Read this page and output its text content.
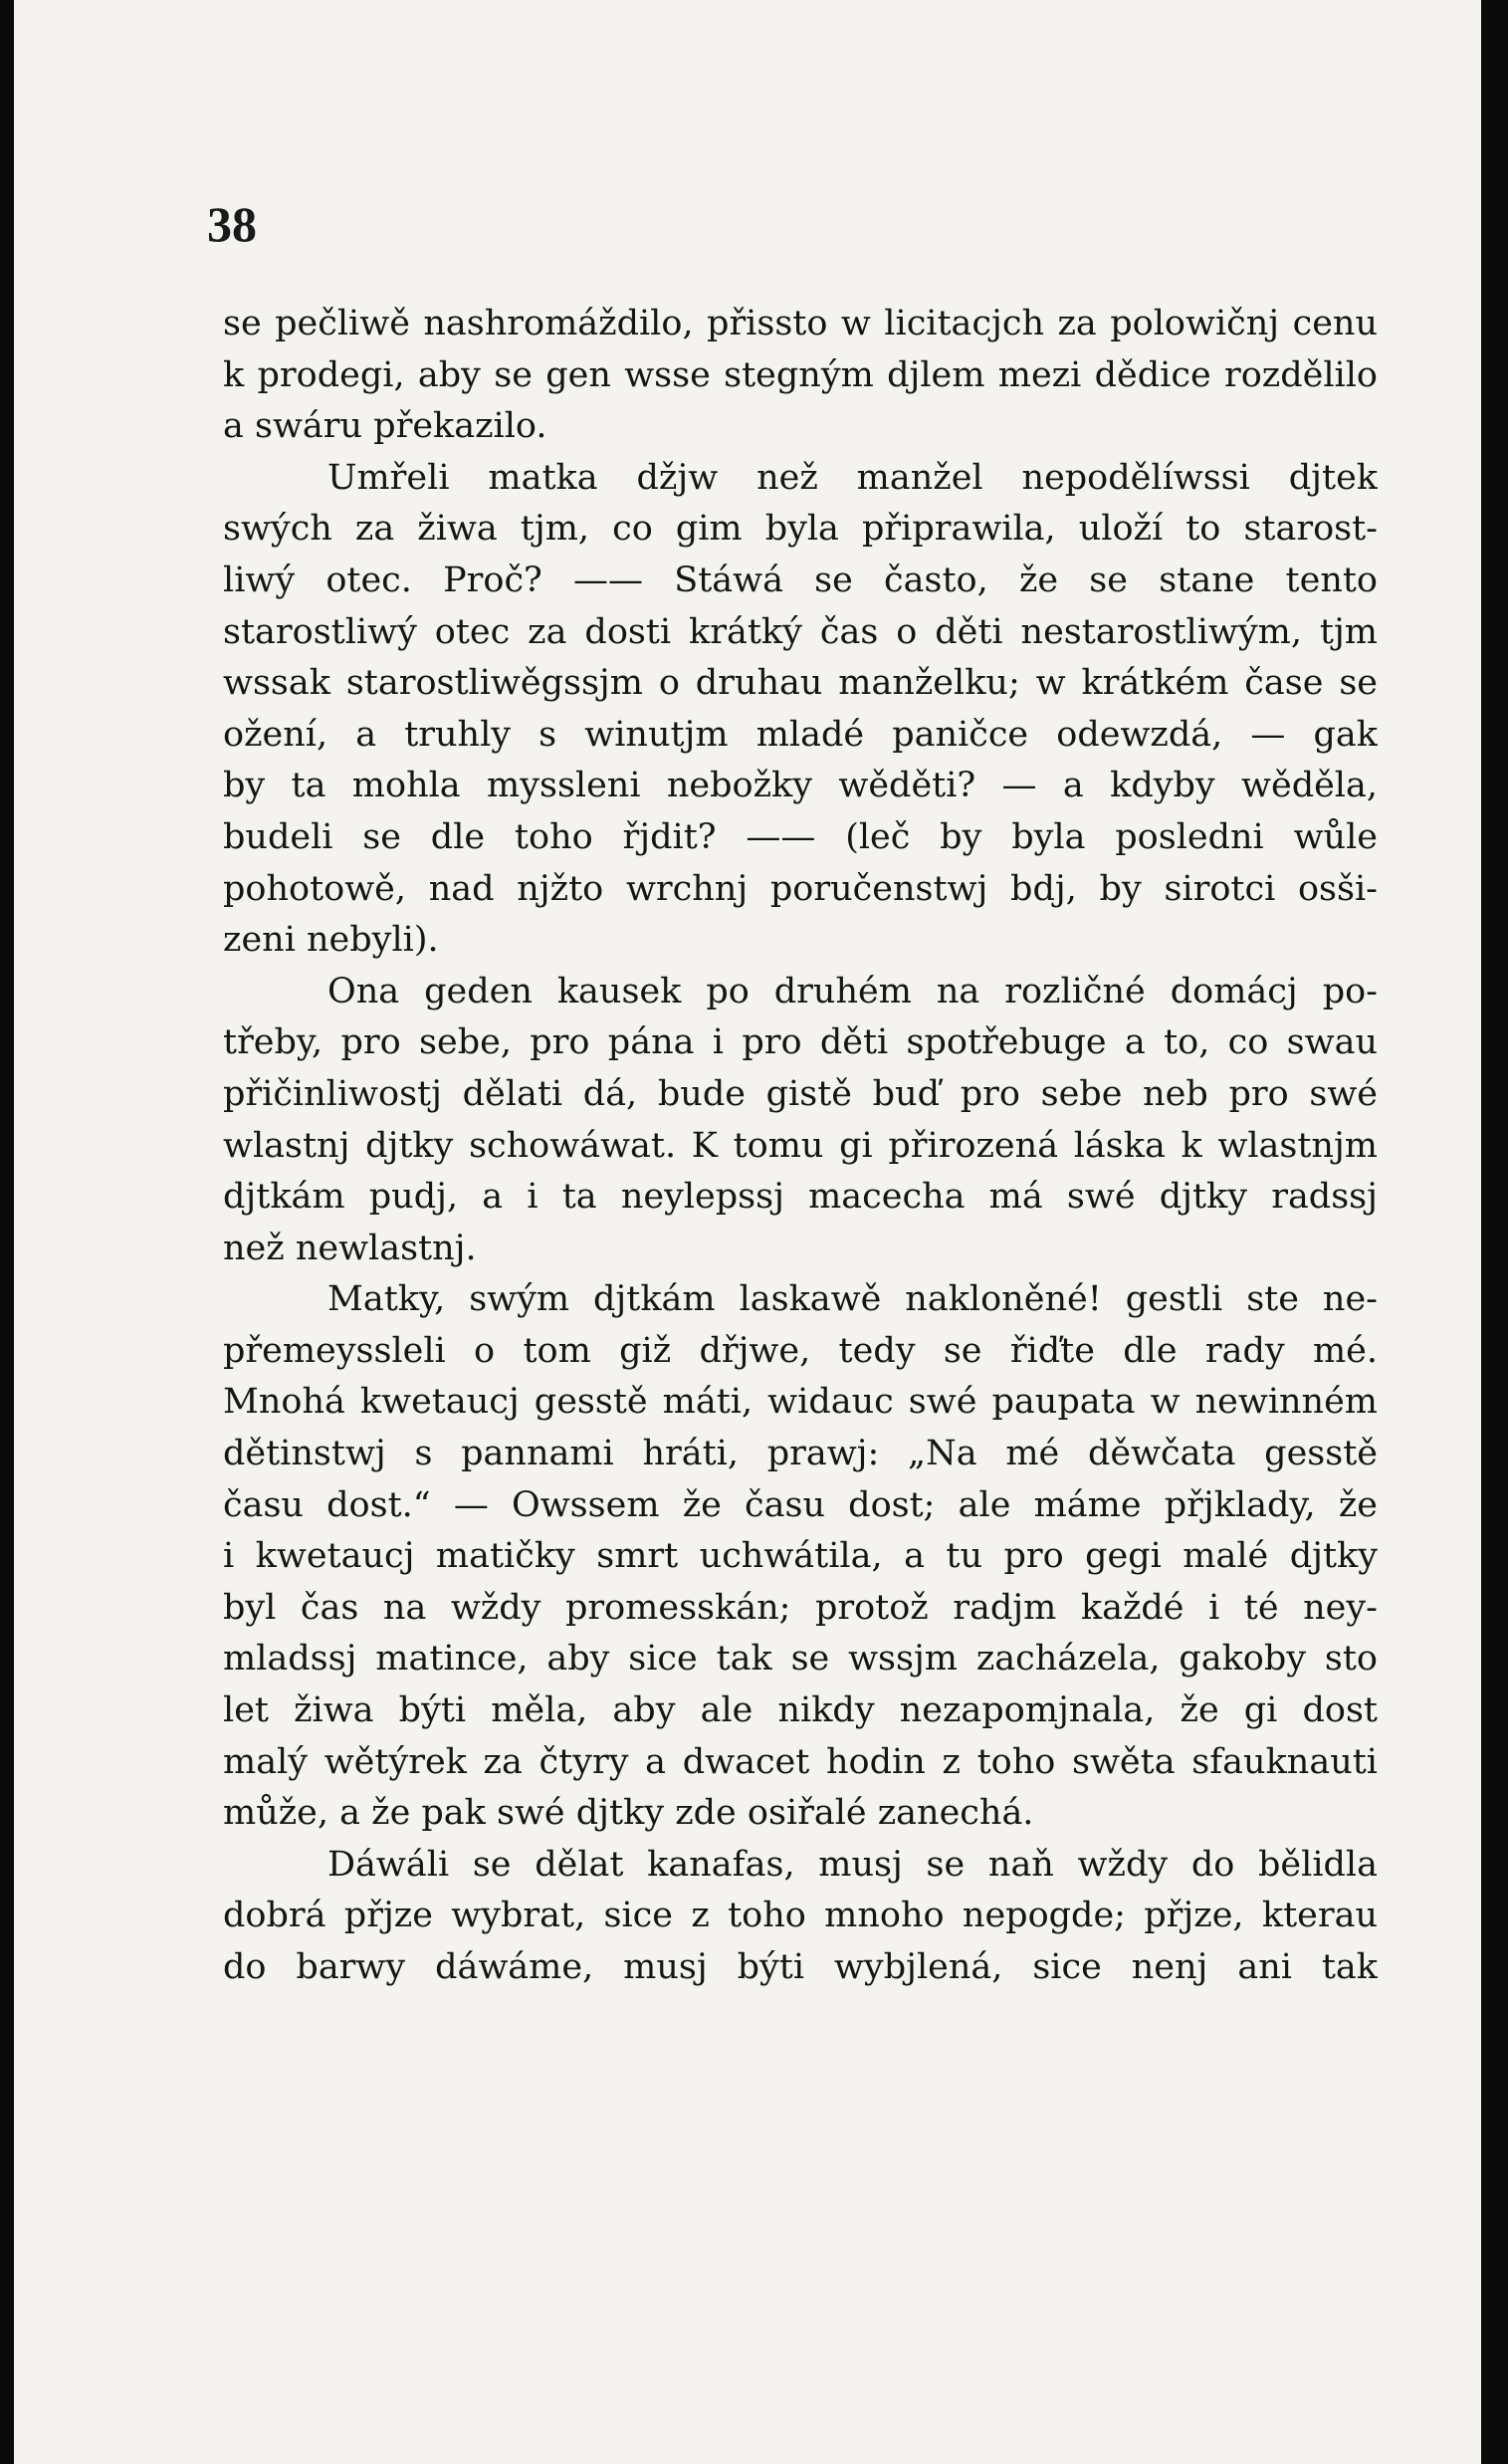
38
se pečliwě nashromáždilo, přissto w licitacjch za polowičnj cenu
k prodegi, aby se gen wsse stegným djlem mezi dědice rozdělilo
a swáru překazilo.
Umřeli matka džjw než manžel nepodělíwssi djtek
swých za žiwa tjm, co gim byla připrawila, uloží to starost-
liwý otec. Proč? —— Stáwá se často, že se stane tento
starostliwý otec za dosti krátký čas o děti nestarostliwým, tjm
wssak starostliwěgssjm o druhau manželku; w krátkém čase se
ožení, a truhly s winutjm mladé paničce odewzdá, — gak
by ta mohla myssleni nebožky wěděti? — a kdyby wěděla,
budeli se dle toho řjdit? —— (leč by byla posledni wůle
pohotowě, nad njžto wrchnj poručenstwj bdj, by sirotci osši-
zeni nebyli).
Ona geden kausek po druhém na rozličné domácj po-
třeby, pro sebe, pro pána i pro děti spotřebuge a to, co swau
přičinliwostj dělati dá, bude gistě buď pro sebe neb pro swé
wlastnj djtky schowáwat. K tomu gi přirozená láska k wlastnjm
djtkám pudj, a i ta neylepssj macecha má swé djtky radssj
než newlastnj.
Matky, swým djtkám laskawě nakloněné! gestli ste ne-
přemeyssleli o tom giž dřjwe, tedy se řiďte dle rady mé.
Mnohá kwetaucj gesstě máti, widauc swé paupata w newinném
dětinstwj s pannami hráti, prawj: „Na mé děwčata gesstě
času dost.“ — Owssem že času dost; ale máme přjklady, že
i kwetaucj matičky smrt uchwátila, a tu pro gegi malé djtky
byl čas na wždy promesskán; protož radjm každé i té ney-
mladssj matince, aby sice tak se wssjm zacházela, gakoby sto
let žiwa býti měla, aby ale nikdy nezapomjnala, že gi dost
malý wětýrek za čtyry a dwacet hodin z toho swěta sfauknauti
může, a že pak swé djtky zde osiřalé zanechá.
Dáwáli se dělat kanafas, musj se naň wždy do bělidla
dobrá přjze wybrat, sice z toho mnoho nepogde; přjze, kterau
do barwy dáwáme, musj býti wybjlená, sice nenj ani tak
